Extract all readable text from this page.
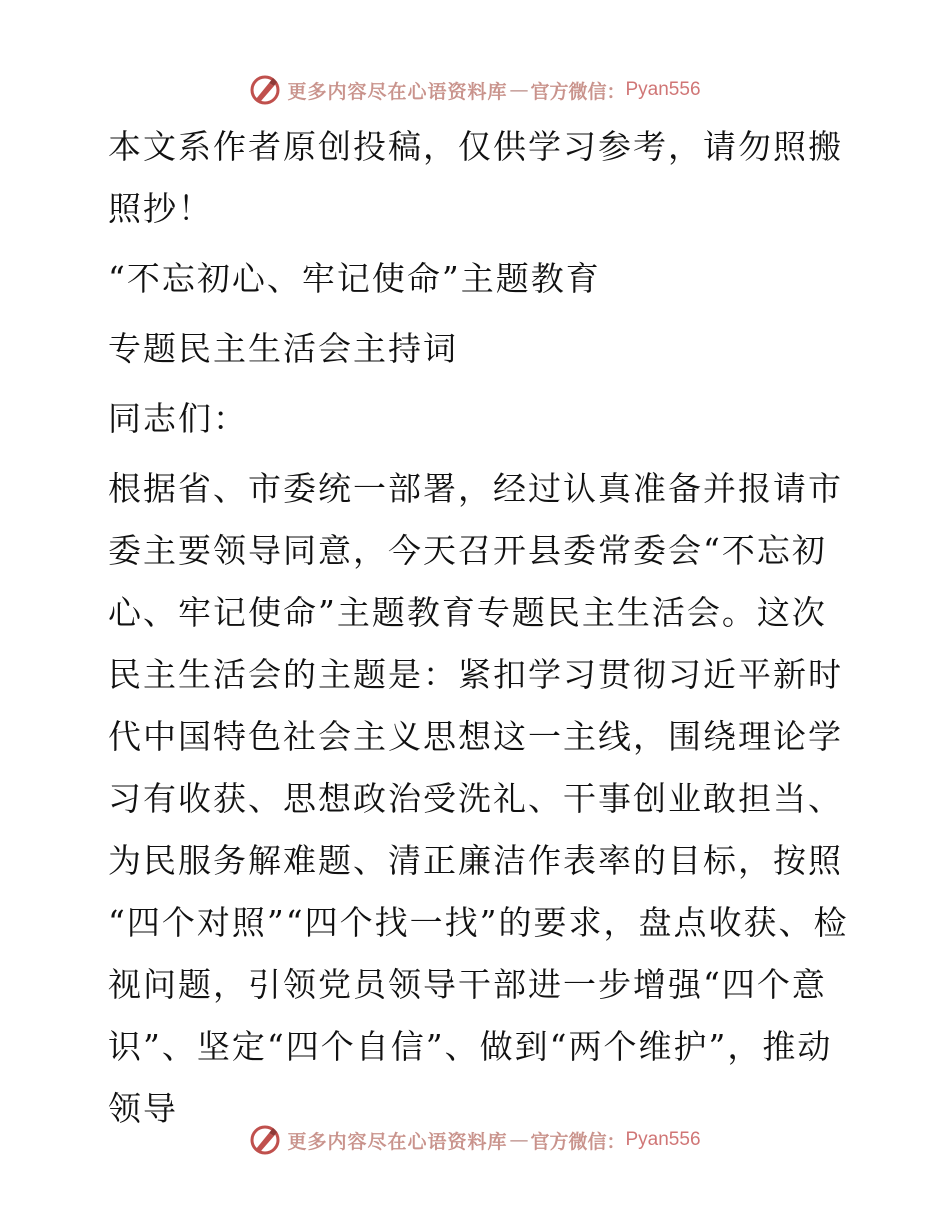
更多内容尽在心语资料库 — 官方微信： Pyan556

本文系作者原创投稿，仅供学习参考，请勿照搬照抄！

“不忘初心、牢记使命”主题教育

专题民主生活会主持词

同志们：

根据省、市委统一部署，经过认真准备并报请市委主要领导同意，今天召开县委常委会“不忘初心、牢记使命”主题教育专题民主生活会。这次民主生活会的主题是：紧扣学习贯彻习近平新时代中国特色社会主义思想这一主线，围绕理论学习有收获、思想政治受洗礼、干事创业敢担当、为民服务解难题、清正廉洁作表率的目标，按照 “四个对照”“四个找一找”的要求，盘点收获、检视问题，引领党员领导干部进一步增强“四个意识”、坚定“四个自信”、做到“两个维护”，推动领导

更多内容尽在心语资料库 — 官方微信： Pyan556
